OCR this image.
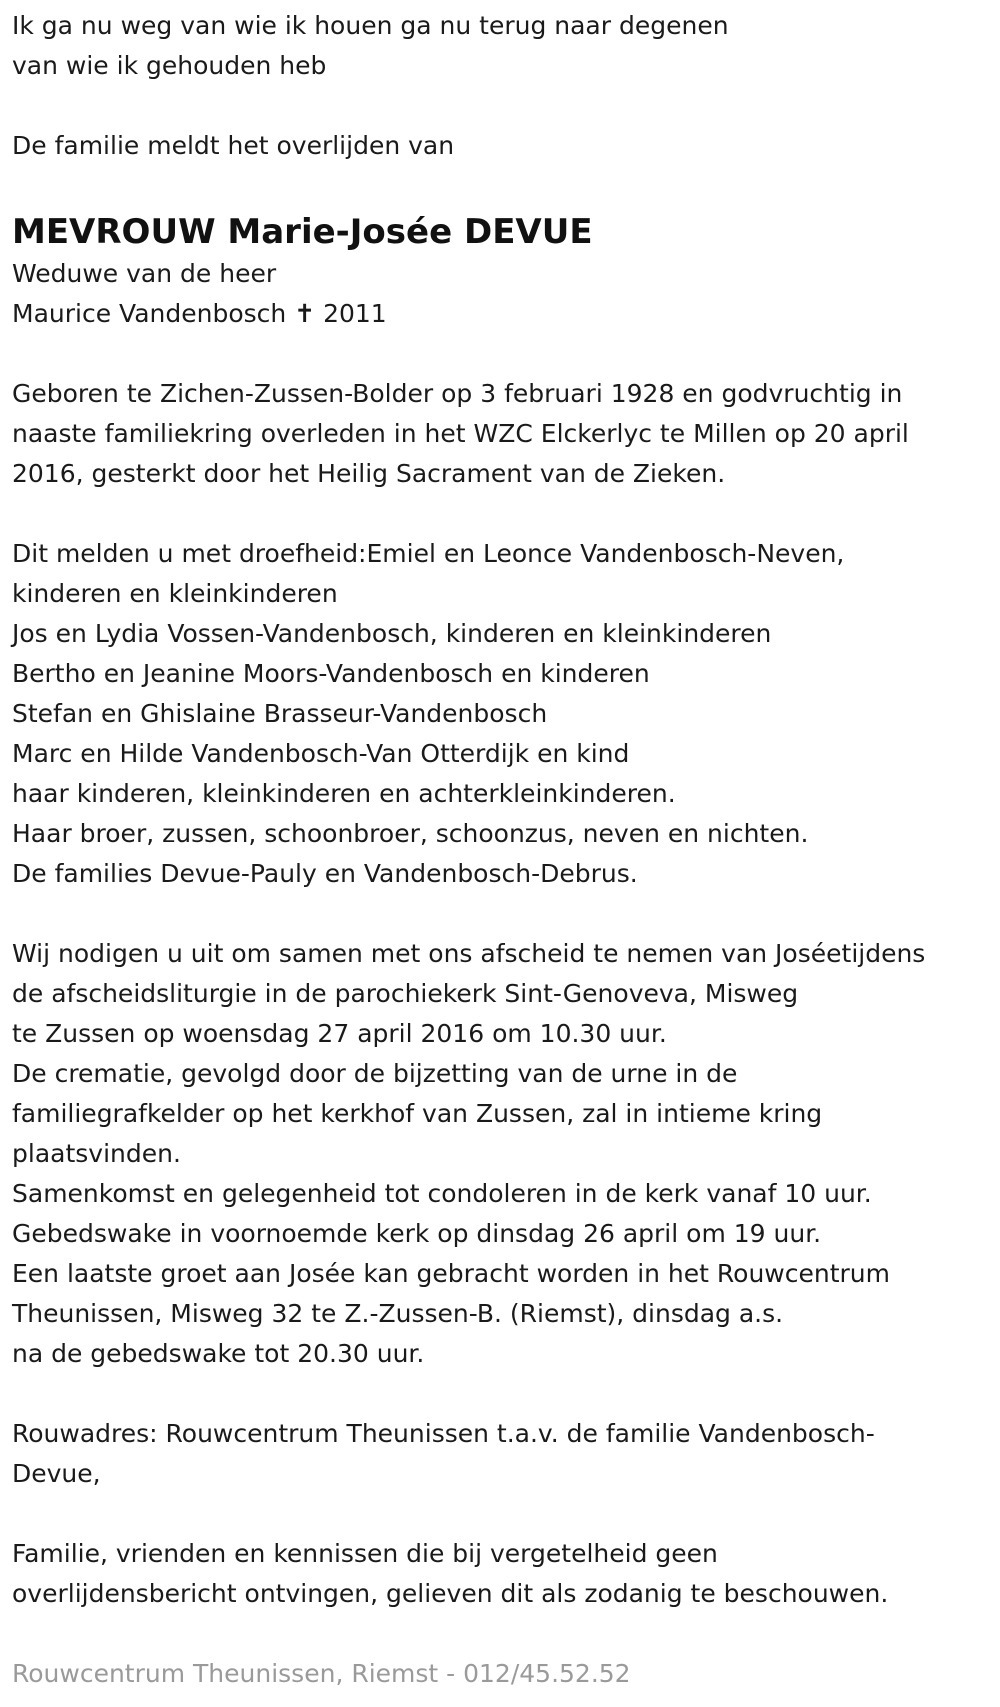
Ik ga nu weg van wie ik houen ga nu terug naar degenen
van wie ik gehouden heb
De familie meldt het overlijden van
MEVROUW Marie-Josée DEVUE
Weduwe van de heer
Maurice Vandenbosch ✝ 2011
Geboren te Zichen-Zussen-Bolder op 3 februari 1928 en godvruchtig in
naaste familiekring overleden in het WZC Elckerlyc te Millen op 20 april
2016, gesterkt door het Heilig Sacrament van de Zieken.
Dit melden u met droefheid:Emiel en Leonce Vandenbosch-Neven,
kinderen en kleinkinderen
Jos en Lydia Vossen-Vandenbosch, kinderen en kleinkinderen
Bertho en Jeanine Moors-Vandenbosch en kinderen
Stefan en Ghislaine Brasseur-Vandenbosch
Marc en Hilde Vandenbosch-Van Otterdijk en kind
haar kinderen, kleinkinderen en achterkleinkinderen.
Haar broer, zussen, schoonbroer, schoonzus, neven en nichten.
De families Devue-Pauly en Vandenbosch-Debrus.
Wij nodigen u uit om samen met ons afscheid te nemen van Joséetijdens
de afscheidsliturgie in de parochiekerk Sint-Genoveva, Misweg
te Zussen op woensdag 27 april 2016 om 10.30 uur.
De crematie, gevolgd door de bijzetting van de urne in de
familiegrafkelder op het kerkhof van Zussen, zal in intieme kring
plaatsvinden.
Samenkomst en gelegenheid tot condoleren in de kerk vanaf 10 uur.
Gebedswake in voornoemde kerk op dinsdag 26 april om 19 uur.
Een laatste groet aan Josée kan gebracht worden in het Rouwcentrum
Theunissen, Misweg 32 te Z.-Zussen-B. (Riemst), dinsdag a.s.
na de gebedswake tot 20.30 uur.
Rouwadres: Rouwcentrum Theunissen t.a.v. de familie Vandenbosch-
Devue,
Familie, vrienden en kennissen die bij vergetelheid geen
overlijdensbericht ontvingen, gelieven dit als zodanig te beschouwen.
Rouwcentrum Theunissen, Riemst - 012/45.52.52
